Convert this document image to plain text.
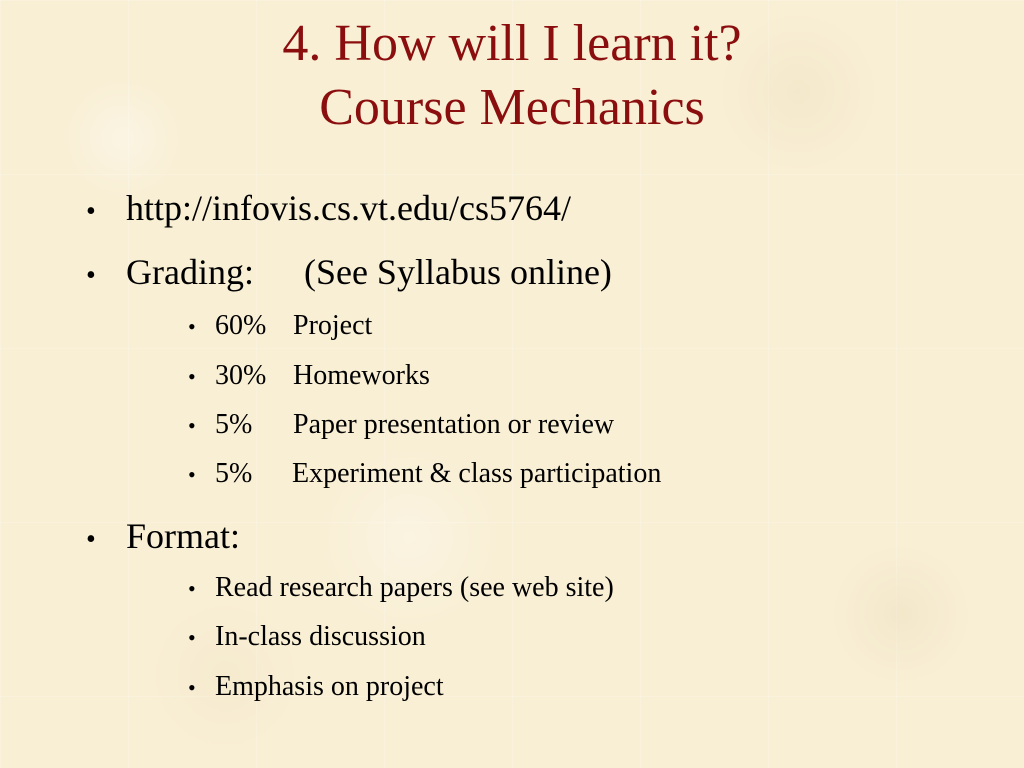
4. How will I learn it?
Course Mechanics
• http://infovis.cs.vt.edu/cs5764/
• Grading: (See Syllabus online)
• 60% Project
• 30% Homeworks
• 5% Paper presentation or review
• 5% Experiment & class participation
• Format:
• Read research papers (see web site)
• In-class discussion
• Emphasis on project
